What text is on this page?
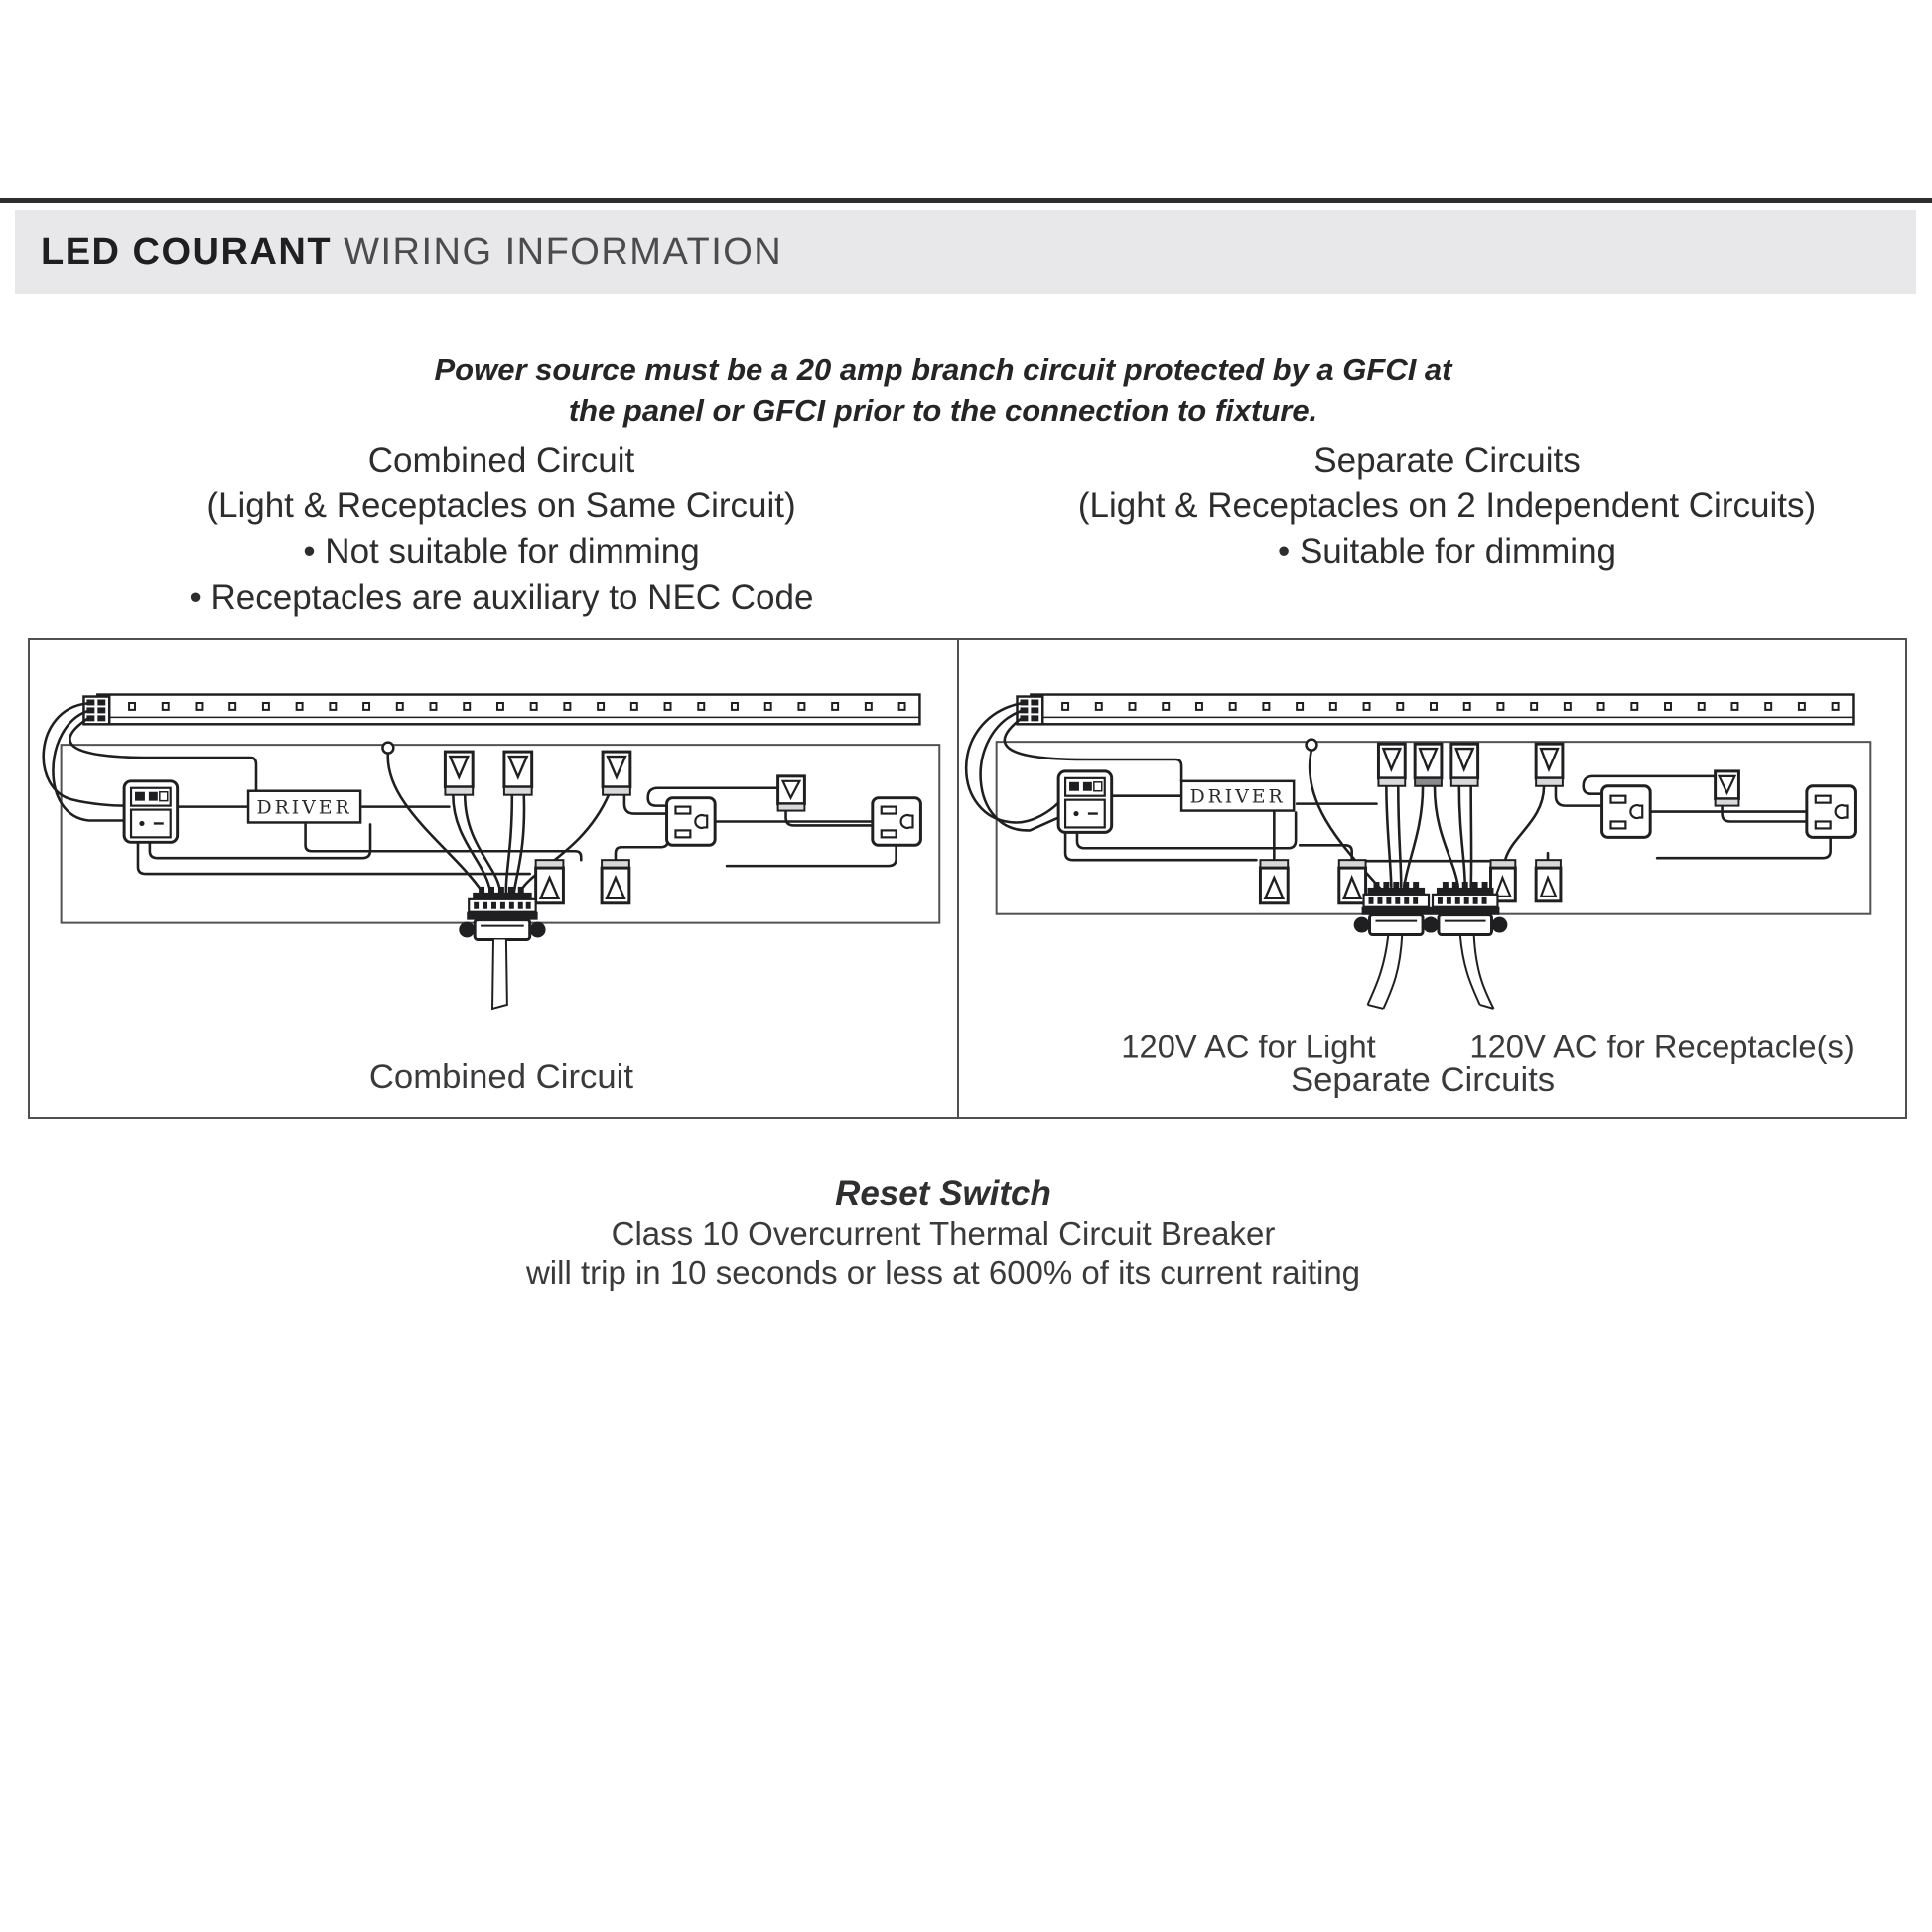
LED COURANT WIRING INFORMATION
Power source must be a 20 amp branch circuit protected by a GFCI at
the panel or GFCI prior to the connection to fixture.
Combined Circuit
(Light & Receptacles on Same Circuit)
• Not suitable for dimming
• Receptacles are auxiliary to NEC Code
Separate Circuits
(Light & Receptacles on 2 Independent Circuits)
• Suitable for dimming
DRIVER
Combined Circuit
DRIVER
120V AC for Light	120V AC for Receptacle(s)
Separate Circuits
Reset Switch
Class 10 Overcurrent Thermal Circuit Breaker
will trip in 10 seconds or less at 600% of its current raiting
